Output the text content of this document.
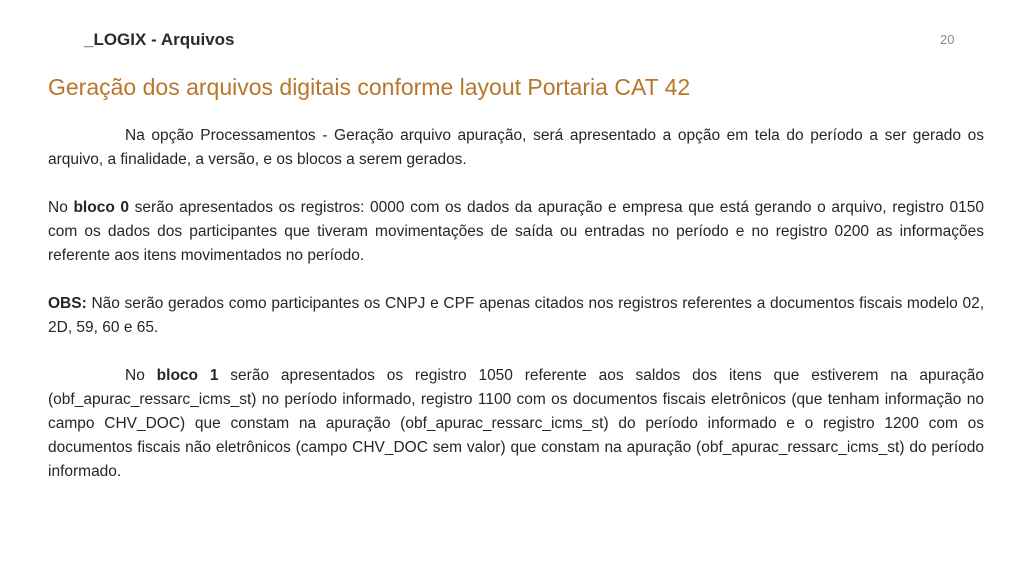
_LOGIX - Arquivos	20
Geração dos arquivos digitais conforme layout Portaria CAT 42

Na opção Processamentos - Geração arquivo apuração, será apresentado a opção em tela do período a ser gerado os arquivo, a finalidade, a versão, e os blocos a serem gerados.

No bloco 0 serão apresentados os registros: 0000 com os dados da apuração e empresa que está gerando o arquivo, registro 0150 com os dados dos participantes que tiveram movimentações de saída ou entradas no período e no registro 0200 as informações referente aos itens movimentados no período.

OBS: Não serão gerados como participantes os CNPJ e CPF apenas citados nos registros referentes a documentos fiscais modelo 02, 2D, 59, 60 e 65.

No bloco 1 serão apresentados os registro 1050 referente aos saldos dos itens que estiverem na apuração (obf_apurac_ressarc_icms_st) no período informado, registro 1100 com os documentos fiscais eletrônicos (que tenham informação no campo CHV_DOC) que constam na apuração (obf_apurac_ressarc_icms_st) do período informado e o registro 1200 com os documentos fiscais não eletrônicos (campo CHV_DOC sem valor) que constam na apuração (obf_apurac_ressarc_icms_st) do período informado.
